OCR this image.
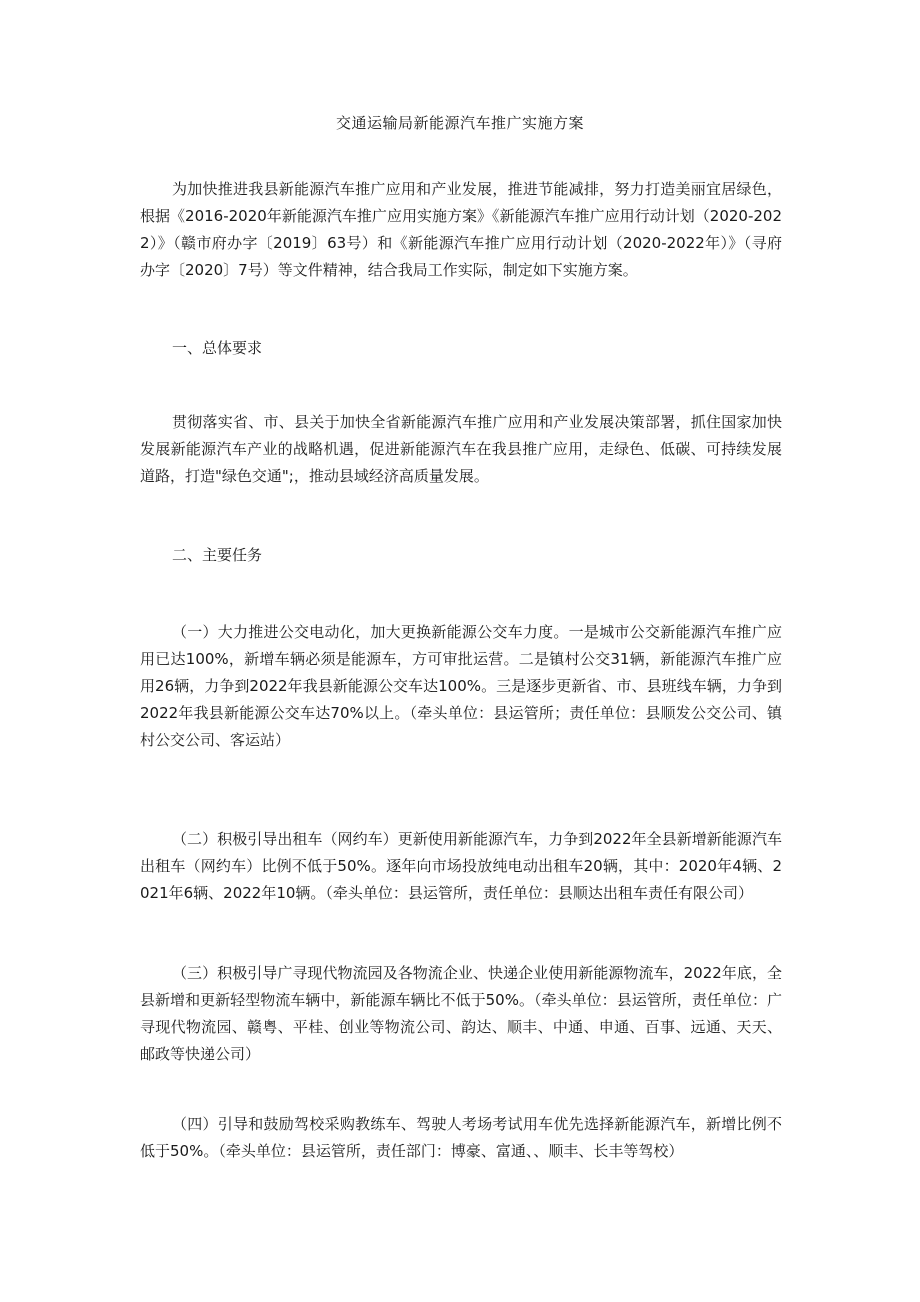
交通运输局新能源汽车推广实施方案

为加快推进我县新能源汽车推广应用和产业发展，推进节能减排，努力打造美丽宜居绿色，根据《2016-2020年新能源汽车推广应用实施方案》《新能源汽车推广应用行动计划（2020-2022）》（赣市府办字〔2019〕63号）和《新能源汽车推广应用行动计划（2020-2022年）》（寻府办字〔2020〕7号）等文件精神，结合我局工作实际，制定如下实施方案。

一、总体要求

贯彻落实省、市、县关于加快全省新能源汽车推广应用和产业发展决策部署，抓住国家加快发展新能源汽车产业的战略机遇，促进新能源汽车在我县推广应用，走绿色、低碳、可持续发展道路，打造"绿色交通";，推动县域经济高质量发展。

二、主要任务

（一）大力推进公交电动化，加大更换新能源公交车力度。一是城市公交新能源汽车推广应用已达100%，新增车辆必须是能源车，方可审批运营。二是镇村公交31辆，新能源汽车推广应用26辆，力争到2022年我县新能源公交车达100%。三是逐步更新省、市、县班线车辆，力争到2022年我县新能源公交车达70%以上。（牵头单位：县运管所；责任单位：县顺发公交公司、镇村公交公司、客运站）

（二）积极引导出租车（网约车）更新使用新能源汽车，力争到2022年全县新增新能源汽车出租车（网约车）比例不低于50%。逐年向市场投放纯电动出租车20辆，其中：2020年4辆、2021年6辆、2022年10辆。（牵头单位：县运管所，责任单位：县顺达出租车责任有限公司）

（三）积极引导广寻现代物流园及各物流企业、快递企业使用新能源物流车，2022年底，全县新增和更新轻型物流车辆中，新能源车辆比不低于50%。（牵头单位：县运管所，责任单位：广寻现代物流园、赣粤、平桂、创业等物流公司、韵达、顺丰、中通、申通、百事、远通、天天、邮政等快递公司）

（四）引导和鼓励驾校采购教练车、驾驶人考场考试用车优先选择新能源汽车，新增比例不低于50%。（牵头单位：县运管所，责任部门：博豪、富通、、顺丰、长丰等驾校）
